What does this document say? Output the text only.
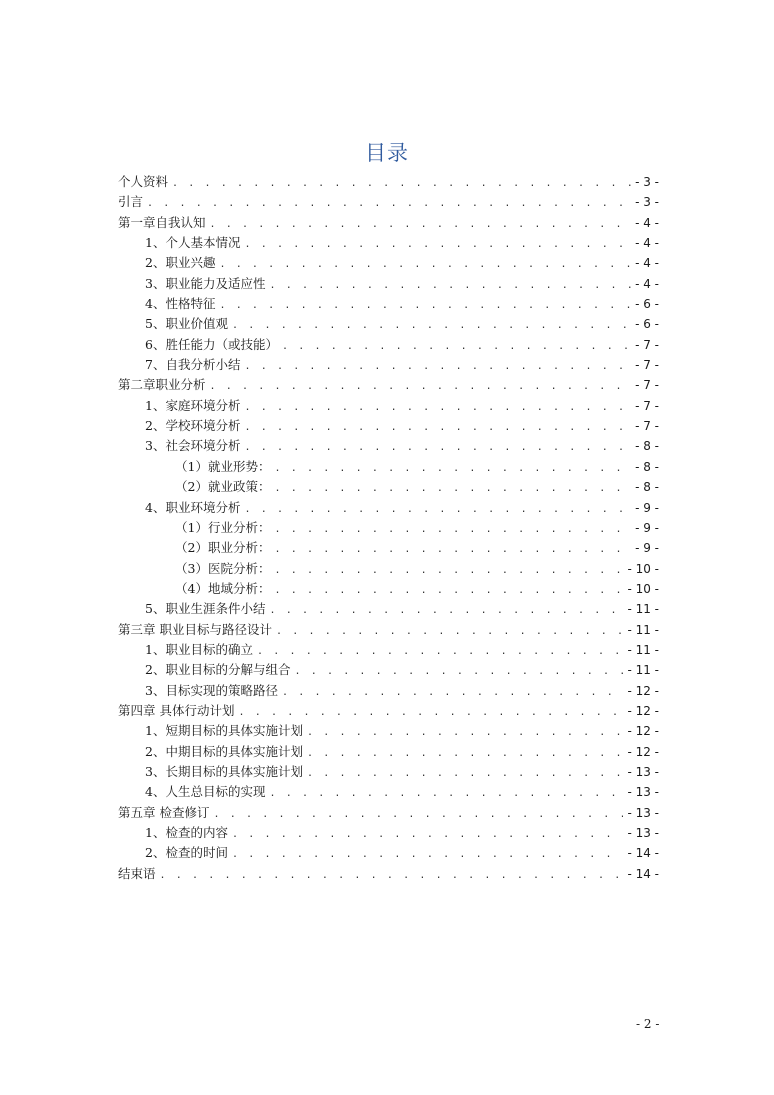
目录
个人资料 . . .	- 3 -
引言 . . .	- 3 -
第一章自我认知 . . .	- 4 -
1、个人基本情况 . . .	- 4 -
2、职业兴趣 . . .	- 4 -
3、职业能力及适应性 . . .	- 4 -
4、性格特征 . . .	- 6 -
5、职业价值观 . . .	- 6 -
6、胜任能力（或技能） . . .	- 7 -
7、自我分析小结 . . .	- 7 -
第二章职业分析 . . .	- 7 -
1、家庭环境分析 . . .	- 7 -
2、学校环境分析 . . .	- 7 -
3、社会环境分析 . . .	- 8 -
（1）就业形势： . . .	- 8 -
（2）就业政策： . . .	- 8 -
4、职业环境分析 . . .	- 9 -
（1）行业分析： . . .	- 9 -
（2）职业分析： . . .	- 9 -
（3）医院分析： . . .	- 10 -
（4）地域分析： . . .	- 10 -
5、职业生涯条件小结 . . .	- 11 -
第三章 职业目标与路径设计 . . .	- 11 -
1、职业目标的确立 . . .	- 11 -
2、职业目标的分解与组合 . . .	- 11 -
3、目标实现的策略路径 . . .	- 12 -
第四章 具体行动计划 . . .	- 12 -
1、短期目标的具体实施计划 . . .	- 12 -
2、中期目标的具体实施计划 . . .	- 12 -
3、长期目标的具体实施计划 . . .	- 13 -
4、人生总目标的实现 . . .	- 13 -
第五章 检查修订 . . .	- 13 -
1、检查的内容 . . .	- 13 -
2、检查的时间 . . .	- 14 -
结束语 . . .	- 14 -
- 2 -
